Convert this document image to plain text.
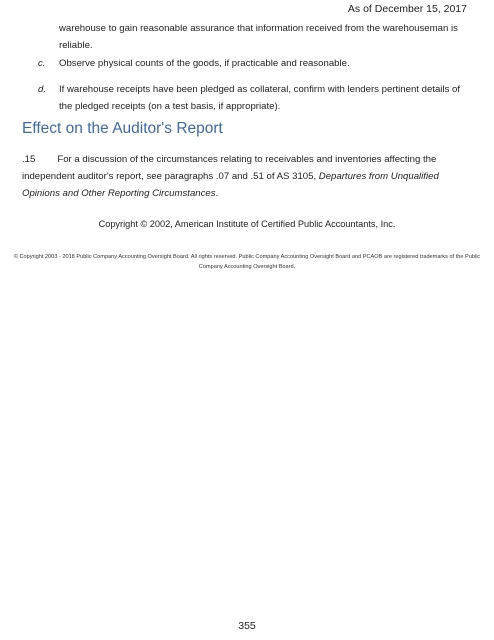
As of December 15, 2017
warehouse to gain reasonable assurance that information received from the warehouseman is reliable.
c. Observe physical counts of the goods, if practicable and reasonable.
d. If warehouse receipts have been pledged as collateral, confirm with lenders pertinent details of the pledged receipts (on a test basis, if appropriate).
Effect on the Auditor's Report
.15 For a discussion of the circumstances relating to receivables and inventories affecting the independent auditor's report, see paragraphs .07 and .51 of AS 3105, Departures from Unqualified Opinions and Other Reporting Circumstances.
Copyright © 2002, American Institute of Certified Public Accountants, Inc.
© Copyright 2003 - 2018 Public Company Accounting Oversight Board. All rights reserved. Public Company Accounting Oversight Board and PCAOB are registered trademarks of the Public Company Accounting Oversight Board.
355
